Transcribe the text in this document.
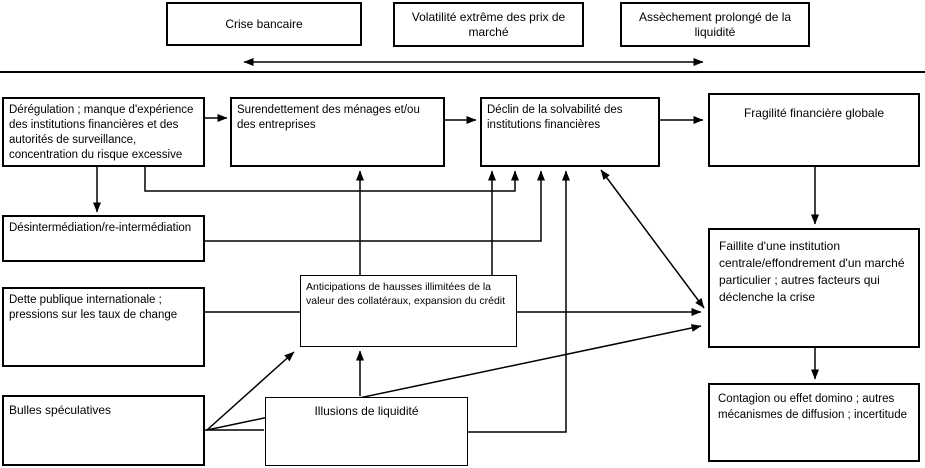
Crise bancaire	Volatilité extrême des prix de marché
Assèchement prolongé de la liquidité
Dérégulation ; manque d'expérience des institutions financières et des autorités de surveillance, concentration du risque excessive
Surendettement des ménages et/ou des entreprises
Déclin de la solvabilité des institutions financières
Fragilité financière globale
Désintermédiation/re-intermédiation
Dette publique internationale ; pressions sur les taux de change
Anticipations de hausses illimitées de la valeur des collatéraux, expansion du crédit
Faillite d'une institution centrale/effondrement d'un marché particulier ; autres facteurs qui déclenche la crise
Bulles spéculatives	Illusions de liquidité
Contagion ou effet domino ; autres mécanismes de diffusion ; incertitude
